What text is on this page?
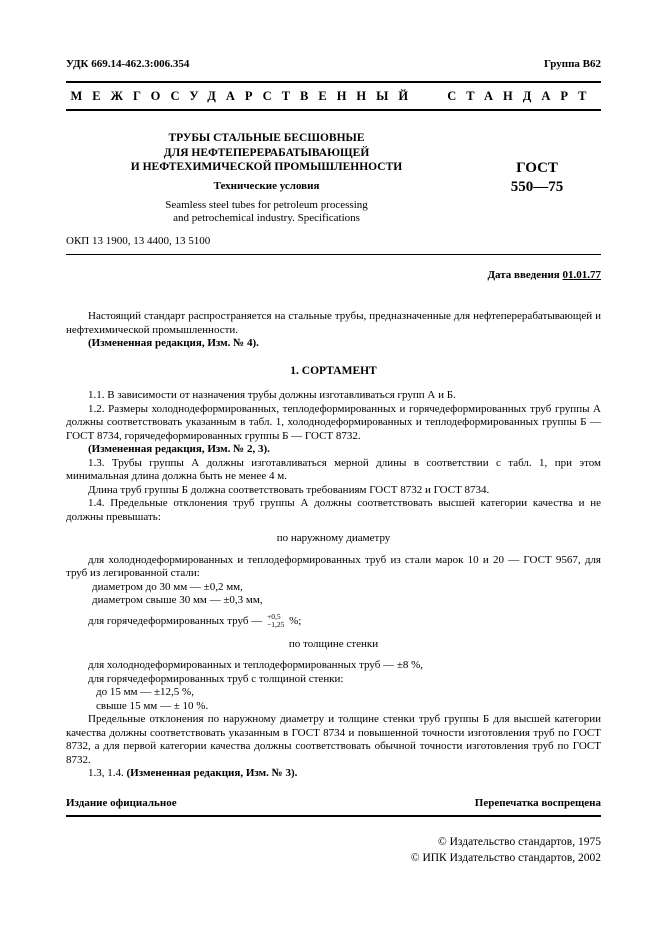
УДК 669.14-462.3:006.354	Группа В62
МЕЖГОСУДАРСТВЕННЫЙ СТАНДАРТ
ТРУБЫ СТАЛЬНЫЕ БЕСШОВНЫЕ
ДЛЯ НЕФТЕПЕРЕРАБАТЫВАЮЩЕЙ
И НЕФТЕХИМИЧЕСКОЙ ПРОМЫШЛЕННОСТИ
Технические условия
Seamless steel tubes for petroleum processing
and petrochemical industry. Specifications
ГОСТ
550—75
ОКП 13 1900, 13 4400, 13 5100
Дата введения 01.01.77

Настоящий стандарт распространяется на стальные трубы, предназначенные для нефтеперерабатывающей и нефтехимической промышленности.

(Измененная редакция, Изм. № 4).

1. СОРТАМЕНТ

1.1. В зависимости от назначения трубы должны изготавливаться групп А и Б.

1.2. Размеры холоднодеформированных, теплодеформированных и горячедеформированных труб группы А должны соответствовать указанным в табл. 1, холоднодеформированных и теплодеформированных группы Б — ГОСТ 8734, горячедеформированных группы Б — ГОСТ 8732.

(Измененная редакция, Изм. № 2, 3).

1.3. Трубы группы А должны изготавливаться мерной длины в соответствии с табл. 1, при этом минимальная длина должна быть не менее 4 м.

Длина труб группы Б должна соответствовать требованиям ГОСТ 8732 и ГОСТ 8734.

1.4. Предельные отклонения труб группы А должны соответствовать высшей категории качества и не должны превышать:

по наружному диаметру

для холоднодеформированных и теплодеформированных труб из стали марок 10 и 20 — ГОСТ 9567, для труб из легированной стали:

диаметром до 30 мм — ±0,2 мм,
диаметром свыше 30 мм — ±0,3 мм,

для горячедеформированных труб — +0,5
−1,25 %;

по толщине стенки

для холоднодеформированных и теплодеформированных труб — ±8 %,

для горячедеформированных труб с толщиной стенки:

до 15 мм — ±12,5 %,
свыше 15 мм — ± 10 %.

Предельные отклонения по наружному диаметру и толщине стенки труб группы Б для высшей категории качества должны соответствовать указанным в ГОСТ 8734 и повышенной точности изготовления труб по ГОСТ 8732, а для первой категории качества должны соответствовать обычной точности изготовления труб по ГОСТ 8732.

1.3, 1.4. (Измененная редакция, Изм. № 3).

Издание официальное	Перепечатка воспрещена
© Издательство стандартов, 1975
© ИПК Издательство стандартов, 2002
